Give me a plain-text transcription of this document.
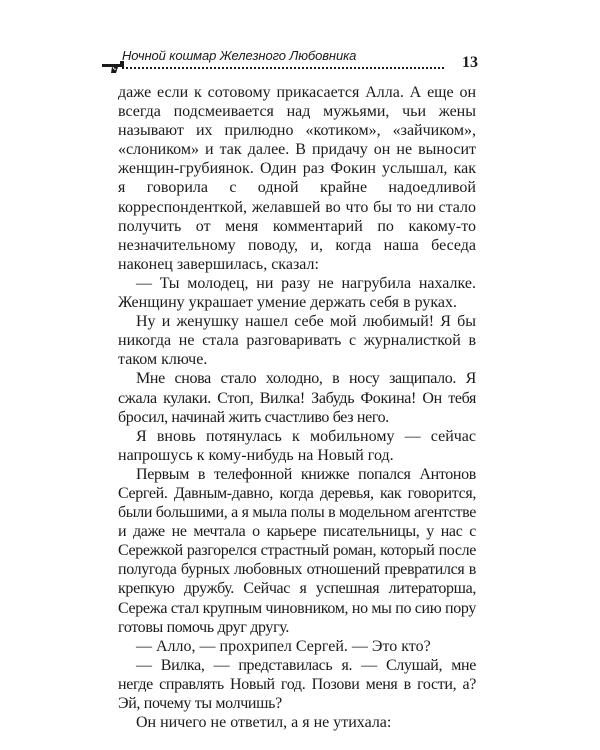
Ночной кошмар Железного Любовника	13

даже если к сотовому прикасается Алла. А еще он всегда подсмеивается над мужьями, чьи жены называют их прилюдно «котиком», «зайчиком», «слоником» и так далее. В придачу он не выносит женщин-грубиянок. Один раз Фокин услышал, как я говорила с одной крайне надоедливой корреспонденткой, желавшей во что бы то ни стало получить от меня комментарий по какому-то незначительному поводу, и, когда наша беседа наконец завершилась, сказал:

— Ты молодец, ни разу не нагрубила нахалке. Женщину украшает умение держать себя в руках.

Ну и женушку нашел себе мой любимый! Я бы никогда не стала разговаривать с журналисткой в таком ключе.

Мне снова стало холодно, в носу защипало. Я сжала кулаки. Стоп, Вилка! Забудь Фокина! Он тебя бросил, начинай жить счастливо без него.

Я вновь потянулась к мобильному — сейчас напрошусь к кому-нибудь на Новый год.

Первым в телефонной книжке попался Антонов Сергей. Давным-давно, когда деревья, как говорится, были большими, а я мыла полы в модельном агентстве и даже не мечтала о карьере писательницы, у нас с Сережкой разгорелся страстный роман, который после полугода бурных любовных отношений превратился в крепкую дружбу. Сейчас я успешная литераторша, Сережа стал крупным чиновником, но мы по сию пору готовы помочь друг другу.

— Алло, — прохрипел Сергей. — Это кто?

— Вилка, — представилась я. — Слушай, мне негде справлять Новый год. Позови меня в гости, а? Эй, почему ты молчишь?

Он ничего не ответил, а я не утихала:
